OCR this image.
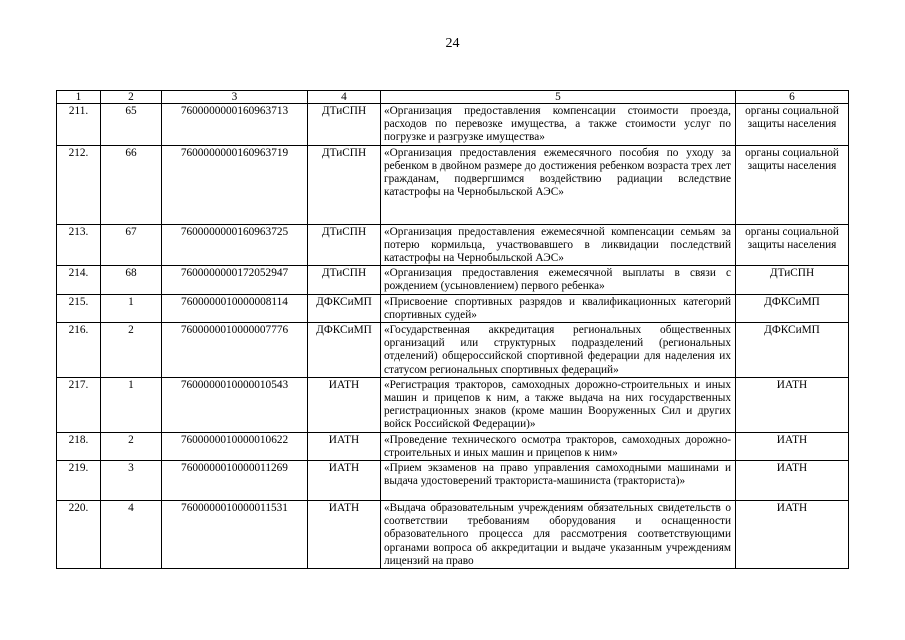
24
1	2	3	4	5	6
211.	65	7600000000160963713	ДТиСПН	«Организация предоставления компенсации стоимости проезда, расходов по перевозке имущества, а также стоимости услуг по погрузке и разгрузке имущества»	органы социальной защиты населения
212.	66	7600000000160963719	ДТиСПН	«Организация предоставления ежемесячного пособия по уходу за ребенком в двойном размере до достижения ребенком возраста трех лет гражданам, подвергшимся воздействию радиации вследствие катастрофы на Чернобыльской АЭС»	органы социальной защиты населения
213.	67	7600000000160963725	ДТиСПН	«Организация предоставления ежемесячной компенсации семьям за потерю кормильца, участвовавшего в ликвидации последствий катастрофы на Чернобыльской АЭС»	органы социальной защиты населения
214.	68	7600000000172052947	ДТиСПН	«Организация предоставления ежемесячной выплаты в связи с рождением (усыновлением) первого ребенка»	ДТиСПН
215.	1	7600000010000008114	ДФКСиМП	«Присвоение спортивных разрядов и квалификационных категорий спортивных судей»	ДФКСиМП
216.	2	7600000010000007776	ДФКСиМП	«Государственная аккредитация региональных общественных организаций или структурных подразделений (региональных отделений) общероссийской спортивной федерации для наделения их статусом региональных спортивных федераций»	ДФКСиМП
217.	1	7600000010000010543	ИАТН	«Регистрация тракторов, самоходных дорожно-строительных и иных машин и прицепов к ним, а также выдача на них государственных регистрационных знаков (кроме машин Вооруженных Сил и других войск Российской Федерации)»	ИАТН
218.	2	7600000010000010622	ИАТН	«Проведение технического осмотра тракторов, самоходных дорожно-строительных и иных машин и прицепов к ним»	ИАТН
219.	3	7600000010000011269	ИАТН	«Прием экзаменов на право управления самоходными машинами и выдача удостоверений тракториста-машиниста (тракториста)»	ИАТН
220.	4	7600000010000011531	ИАТН	«Выдача образовательным учреждениям обязательных свидетельств о соответствии требованиям оборудования и оснащенности образовательного процесса для рассмотрения соответствующими органами вопроса об аккредитации и выдаче указанным учреждениям лицензий на право	ИАТН
